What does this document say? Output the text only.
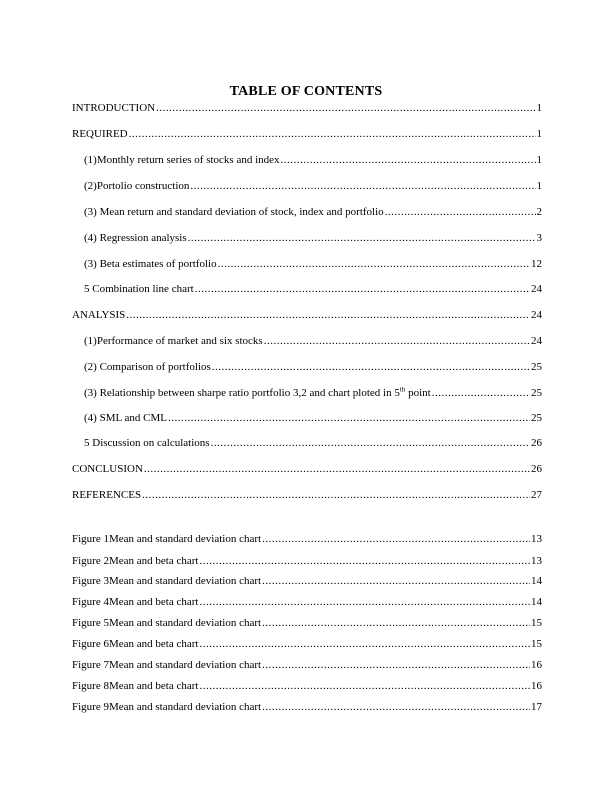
TABLE OF CONTENTS
INTRODUCTION .....	1
REQUIRED .....	1
(1)Monthly return series of stocks and index .....	1
(2)Portolio construction .....	1
(3) Mean return and standard deviation of stock, index and portfolio .....	2
(4) Regression analysis .....	3
(3) Beta estimates of portfolio .....	12
5 Combination line chart .....	24
ANALYSIS .....	24
(1)Performance of market and six stocks .....	24
(2) Comparison of portfolios .....	25
(3) Relationship between sharpe ratio portfolio 3,2 and chart ploted in 5th point .....	25
(4) SML and CML .....	25
5 Discussion on calculations .....	26
CONCLUSION .....	26
REFERENCES .....	27
Figure 1Mean and standard deviation chart .....	13
Figure 2Mean and beta chart .....	13
Figure 3Mean and standard deviation chart .....	14
Figure 4Mean and beta chart .....	14
Figure 5Mean and standard deviation chart .....	15
Figure 6Mean and beta chart .....	15
Figure 7Mean and standard deviation chart .....	16
Figure 8Mean and beta chart .....	16
Figure 9Mean and standard deviation chart .....	17
